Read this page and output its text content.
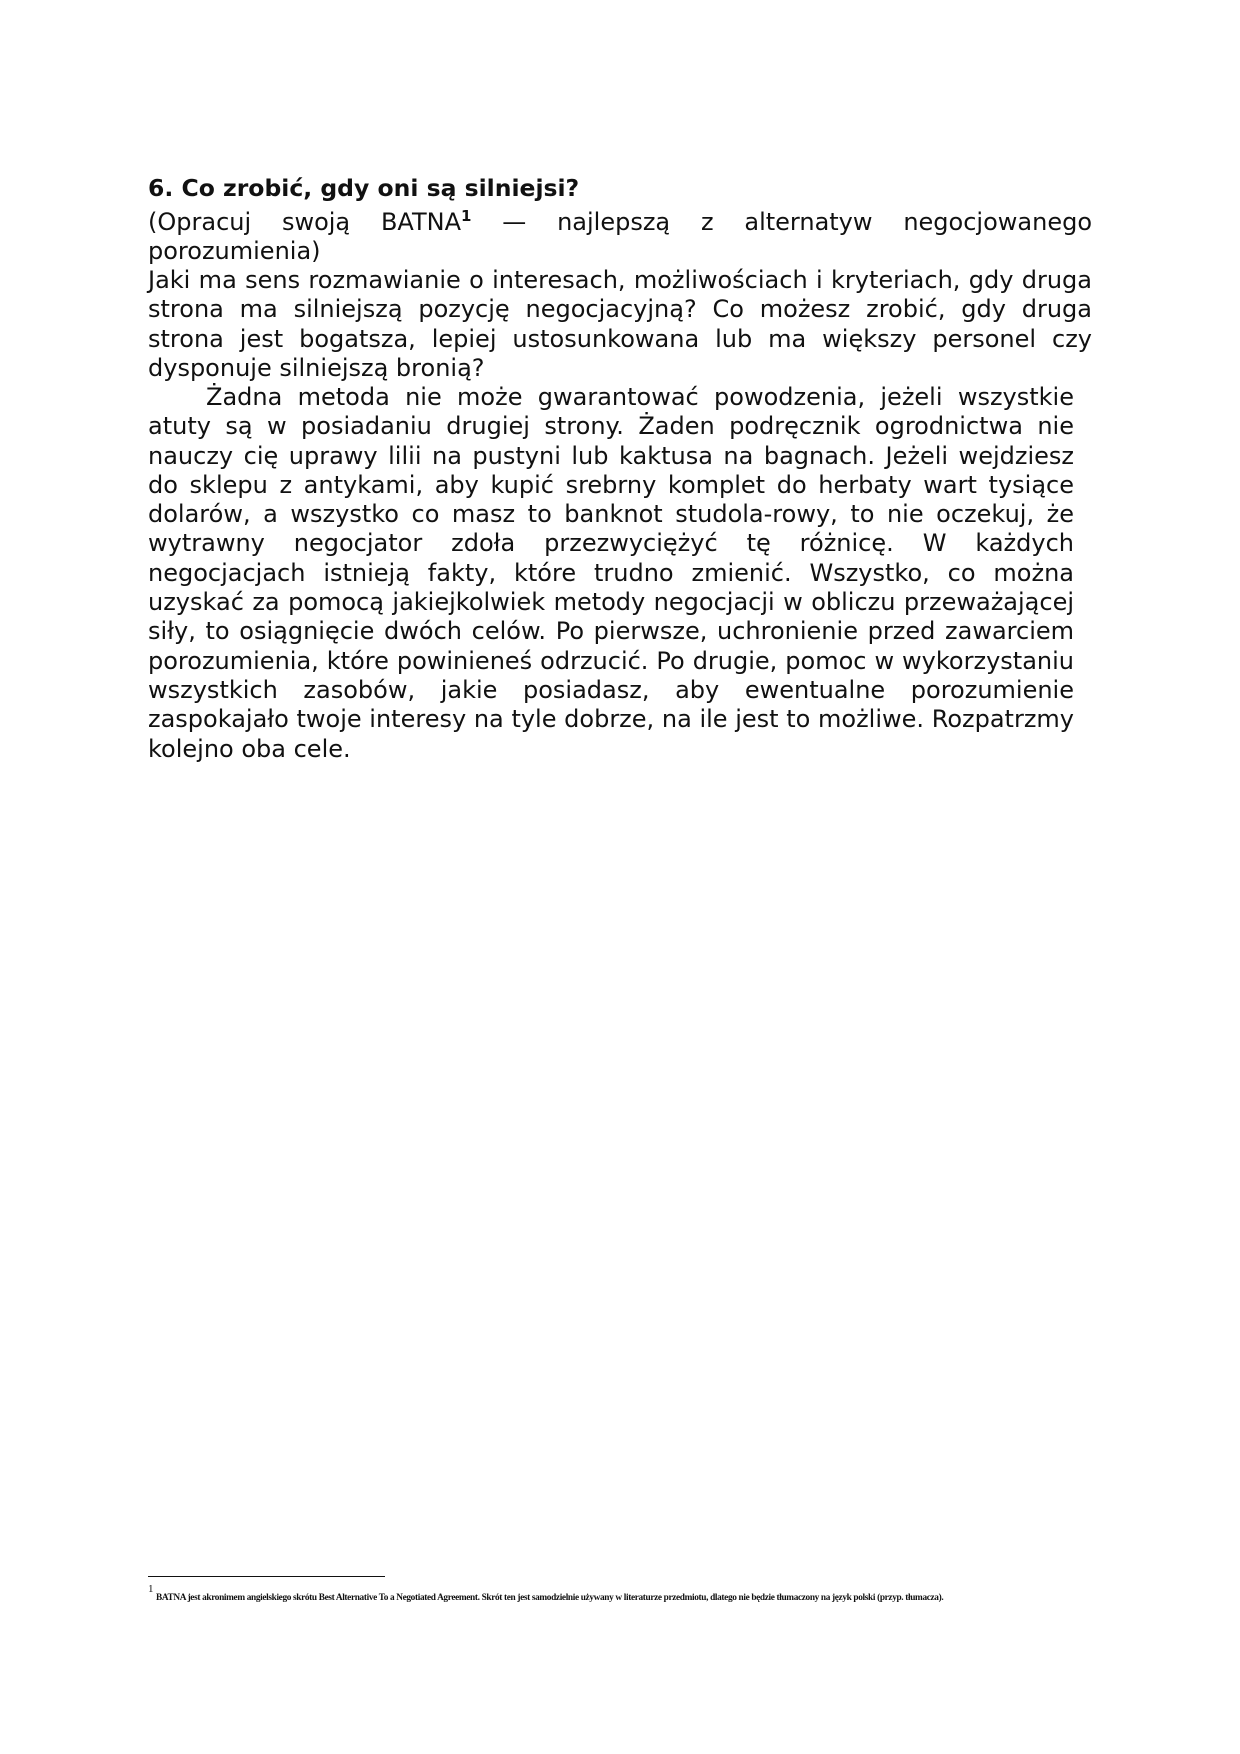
6. Co zrobić, gdy oni są silniejsi?

(Opracuj swoją BATNA$^1$ — najlepszą z alternatyw negocjowanego porozumienia)

Jaki ma sens rozmawianie o interesach, możliwościach i kryteriach, gdy druga strona ma silniejszą pozycję negocjacyjną? Co możesz zrobić, gdy druga strona jest bogatsza, lepiej ustosunkowana lub ma większy personel czy dysponuje silniejszą bronią?

Żadna metoda nie może gwarantować powodzenia, jeżeli wszystkie atuty są w posiadaniu drugiej strony. Żaden podręcznik ogrodnictwa nie nauczy cię uprawy lilii na pustyni lub kaktusa na bagnach. Jeżeli wejdziesz do sklepu z antykami, aby kupić srebrny komplet do herbaty wart tysiące dolarów, a wszystko co masz to banknot studola-rowy, to nie oczekuj, że wytrawny negocjator zdoła przezwyciężyć tę różnicę. W każdych negocjacjach istnieją fakty, które trudno zmienić. Wszystko, co można uzyskać za pomocą jakiejkolwiek metody negocjacji w obliczu przeważającej siły, to osiągnięcie dwóch celów. Po pierwsze, uchronienie przed zawarciem porozumienia, które powinieneś odrzucić. Po drugie, pomoc w wykorzystaniu wszystkich zasobów, jakie posiadasz, aby ewentualne porozumienie zaspokajało twoje interesy na tyle dobrze, na ile jest to możliwe. Rozpatrzmy kolejno oba cele.

1

BATNA jest akronimem angielskiego skrótu Best Alternative To a Negotiated Agreement. Skrót ten jest samodzielnie używany w literaturze przedmiotu, dlatego nie będzie tłumaczony na język polski (przyp. tłumacza).
